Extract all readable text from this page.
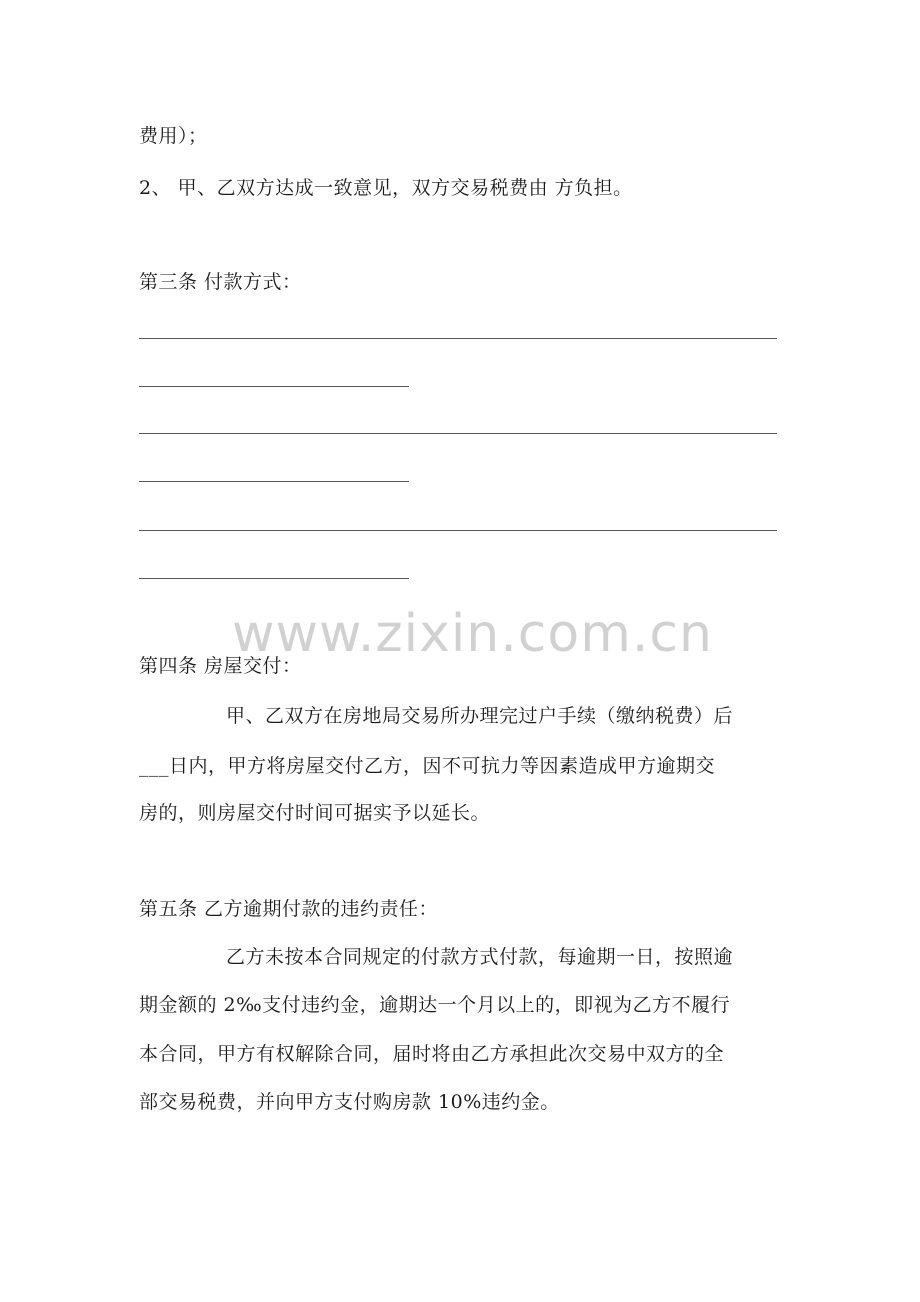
费用）；
2、 甲、乙双方达成一致意见，双方交易税费由 方负担。
第三条 付款方式：
www.zixin.com.cn
第四条 房屋交付：
甲、乙双方在房地局交易所办理完过户手续（缴纳税费）后
___日内，甲方将房屋交付乙方，因不可抗力等因素造成甲方逾期交
房的，则房屋交付时间可据实予以延长。
第五条 乙方逾期付款的违约责任：
乙方未按本合同规定的付款方式付款，每逾期一日，按照逾
期金额的 2‰支付违约金，逾期达一个月以上的，即视为乙方不履行
本合同，甲方有权解除合同，届时将由乙方承担此次交易中双方的全
部交易税费，并向甲方支付购房款 10%违约金。
